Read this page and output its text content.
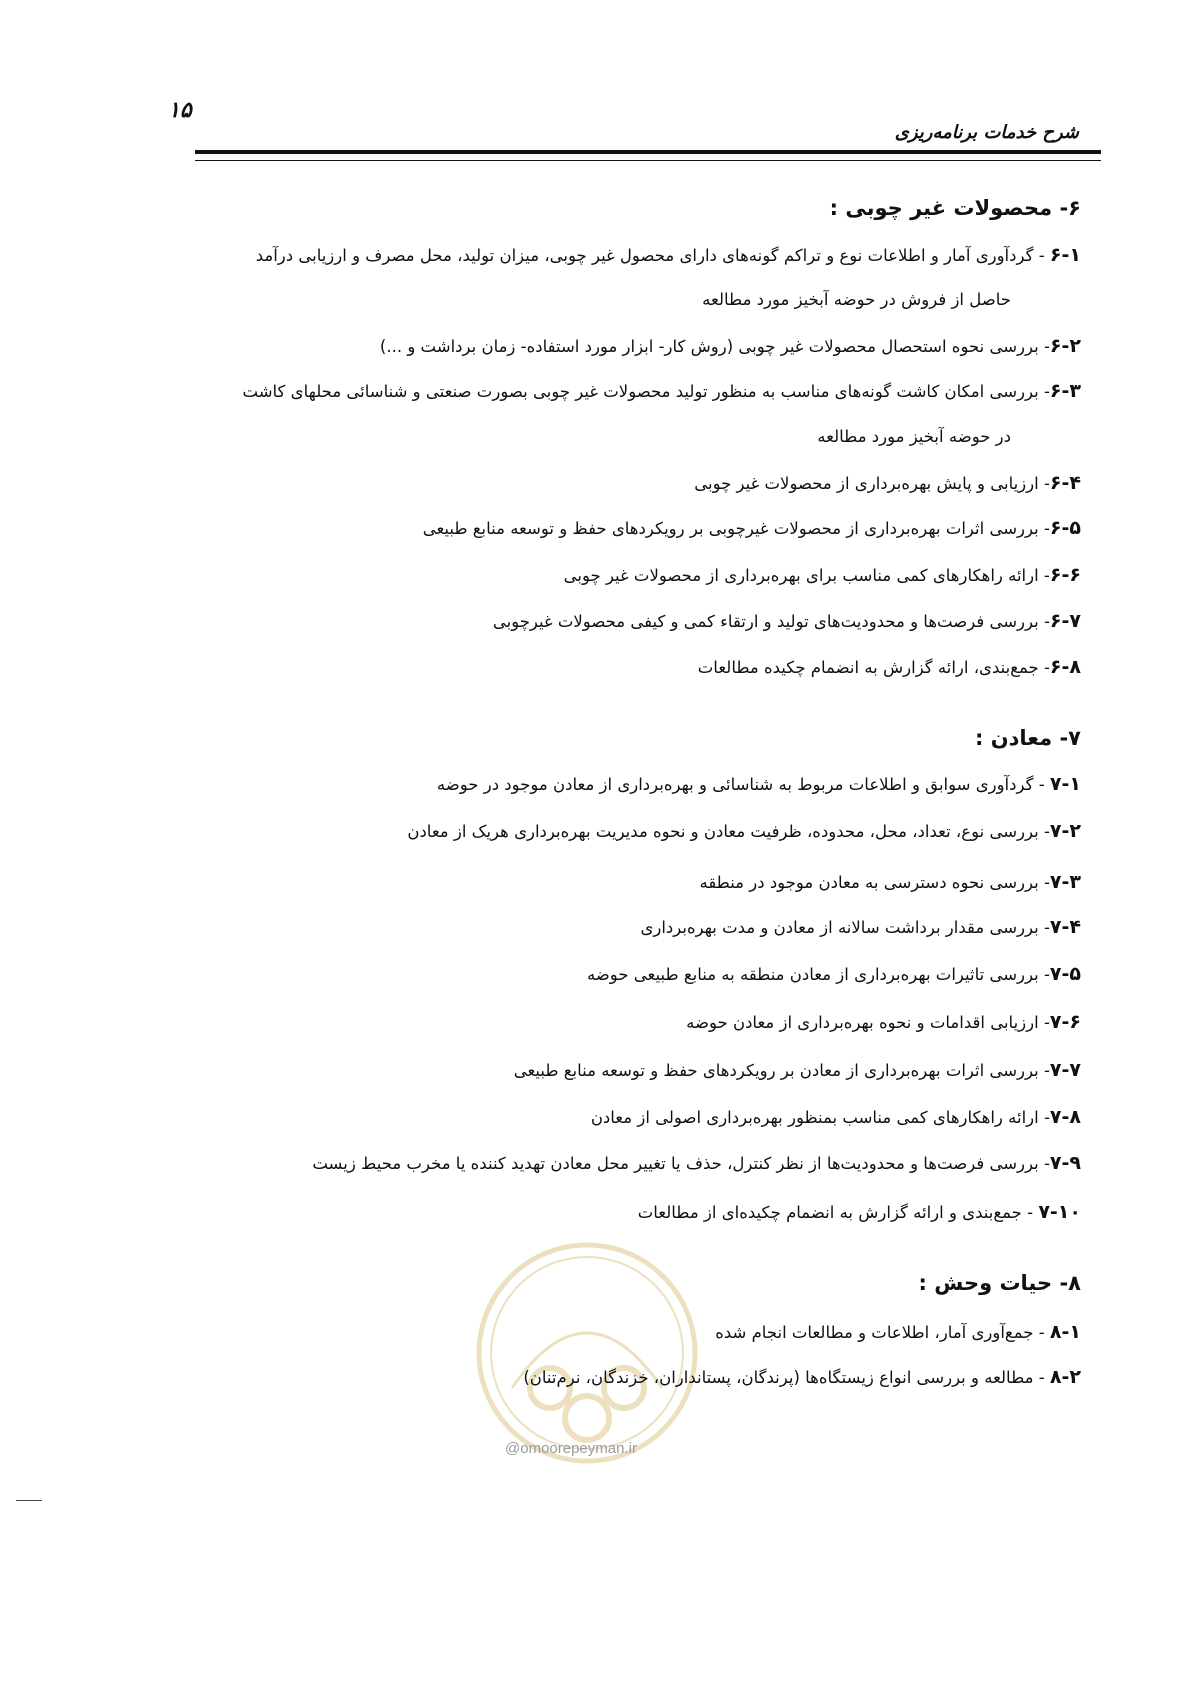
۱۵
شرح خدمات برنامه‌ریزی
۶- محصولات غیر چوبی :
۶-۱ - گردآوری آمار و اطلاعات نوع و تراکم گونه‌های دارای محصول غیر چوبی، میزان تولید، محل مصرف و ارزیابی درآمد
حاصل از فروش در حوضه آبخیز مورد مطالعه
۶-۲- بررسی نحوه استحصال محصولات غیر چوبی (روش کار- ابزار مورد استفاده- زمان برداشت و ...)
۶-۳- بررسی امکان کاشت گونه‌های مناسب به منظور تولید محصولات غیر چوبی بصورت صنعتی و شناسائی محلهای کاشت
در حوضه آبخیز مورد مطالعه
۶-۴- ارزیابی و پایش بهره‌برداری از محصولات غیر چوبی
۶-۵- بررسی اثرات بهره‌برداری از محصولات غیرچوبی بر رویکردهای حفظ و توسعه منابع طبیعی
۶-۶- ارائه راهکارهای کمی مناسب برای بهره‌برداری از محصولات غیر چوبی
۶-۷- بررسی فرصت‌ها و محدودیت‌های تولید و ارتقاء کمی و کیفی محصولات غیرچوبی
۶-۸- جمع‌بندی، ارائه گزارش به انضمام چکیده مطالعات
۷- معادن :
۷-۱ - گردآوری سوابق و اطلاعات مربوط به شناسائی و بهره‌برداری از معادن موجود در حوضه
۷-۲- بررسی نوع، تعداد، محل، محدوده، ظرفیت معادن و نحوه مدیریت بهره‌برداری هریک از معادن
۷-۳- بررسی نحوه دسترسی به معادن موجود در منطقه
۷-۴- بررسی مقدار برداشت سالانه از معادن و مدت بهره‌برداری
۷-۵- بررسی تاثیرات بهره‌برداری از معادن منطقه به منابع طبیعی حوضه
۷-۶- ارزیابی اقدامات و نحوه بهره‌برداری از معادن حوضه
۷-۷- بررسی اثرات بهره‌برداری از معادن بر رویکردهای حفظ و توسعه منابع طبیعی
۷-۸- ارائه راهکارهای کمی مناسب بمنظور بهره‌برداری اصولی از معادن
۷-۹- بررسی فرصت‌ها و محدودیت‌ها از نظر کنترل، حذف یا تغییر محل معادن تهدید کننده یا مخرب محیط زیست
۷-۱۰ - جمع‌بندی و ارائه گزارش به انضمام چکیده‌ای از مطالعات
@omoorepeyman.ir
۸- حیات وحش :
۸-۱ - جمع‌آوری آمار، اطلاعات و مطالعات انجام شده
۸-۲ - مطالعه و بررسی انواع زیستگاه‌ها (پرندگان، پستانداران، خزندگان، نرم‌تنان)
